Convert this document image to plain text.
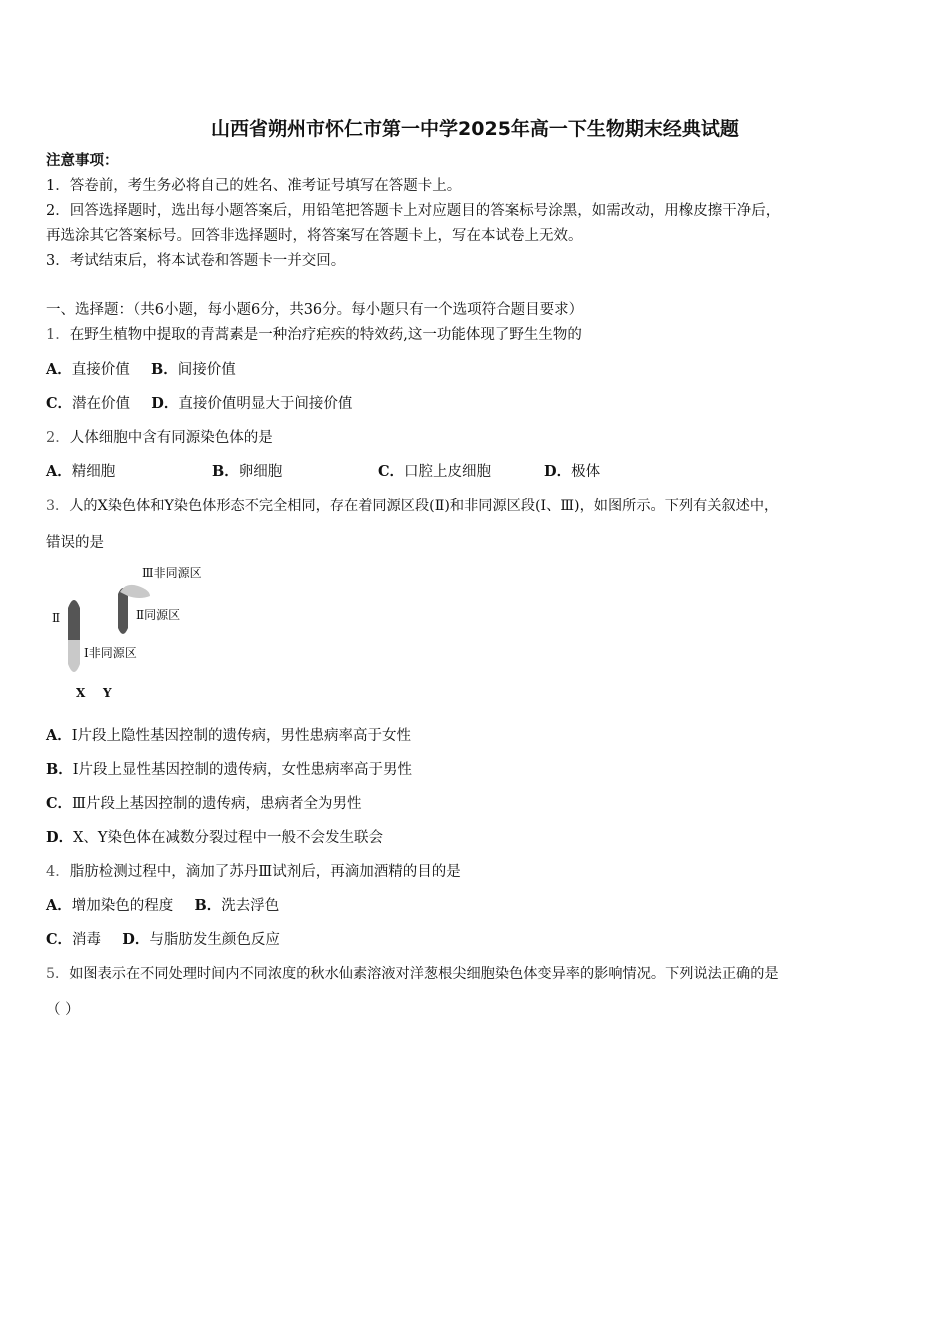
山西省朔州市怀仁市第一中学2025年高一下生物期末经典试题
注意事项：
1．答卷前，考生务必将自己的姓名、准考证号填写在答题卡上。
2．回答选择题时，选出每小题答案后，用铅笔把答题卡上对应题目的答案标号涂黑，如需改动，用橡皮擦干净后，
再选涂其它答案标号。回答非选择题时，将答案写在答题卡上，写在本试卷上无效。
3．考试结束后，将本试卷和答题卡一并交回。
一、选择题：（共6小题，每小题6分，共36分。每小题只有一个选项符合题目要求）
1．在野生植物中提取的青蒿素是一种治疗疟疾的特效药,这一功能体现了野生生物的
A．直接价值 B．间接价值
C．潜在价值 D．直接价值明显大于间接价值
2．人体细胞中含有同源染色体的是
A．精细胞	B．卵细胞	C．口腔上皮细胞	D．极体
3．人的X染色体和Y染色体形态不完全相同，存在着同源区段(Ⅱ)和非同源区段(Ⅰ、Ⅲ)，如图所示。下列有关叙述中，
错误的是
Ⅲ非同源区
Ⅱ同源区
Ⅱ
Ⅰ非同源区
X Y
A．Ⅰ片段上隐性基因控制的遗传病，男性患病率高于女性
B．Ⅰ片段上显性基因控制的遗传病，女性患病率高于男性
C．Ⅲ片段上基因控制的遗传病，患病者全为男性
D．X、Y染色体在减数分裂过程中一般不会发生联会
4．脂肪检测过程中，滴加了苏丹Ⅲ试剂后，再滴加酒精的目的是
A．增加染色的程度 B．洗去浮色
C．消毒 D．与脂肪发生颜色反应
5．如图表示在不同处理时间内不同浓度的秋水仙素溶液对洋葱根尖细胞染色体变异率的影响情况。下列说法正确的是
（ ）
